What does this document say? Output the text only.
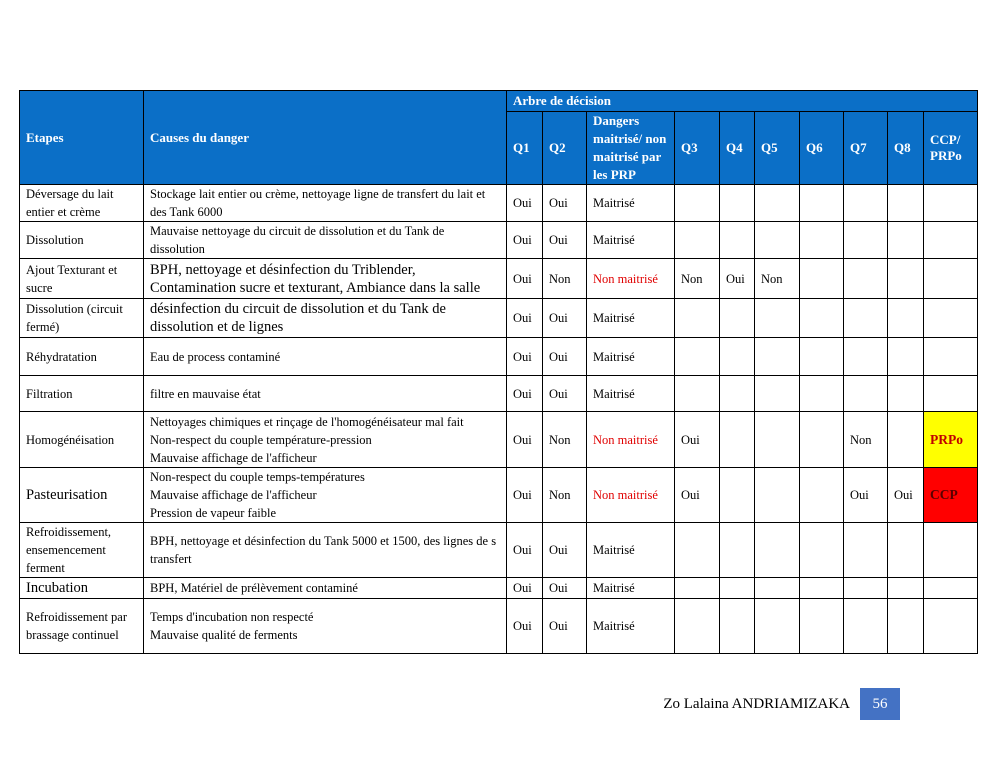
Etapes	Causes du danger	Arbre de décision									
		Q1	Q2	Dangers maitrisé/ non maitrisé par les PRP	Q3	Q4	Q5	Q6	Q7	Q8	CCP/ PRPo
Déversage du lait entier et crème	Stockage lait entier ou crème, nettoyage ligne de transfert du lait et des Tank 6000	Oui	Oui	Maitrisé							
Dissolution	Mauvaise nettoyage du circuit de dissolution et du Tank de dissolution	Oui	Oui	Maitrisé							
Ajout Texturant et sucre	BPH, nettoyage et désinfection du Triblender, Contamination sucre et texturant, Ambiance dans la salle	Oui	Non	Non maitrisé	Non	Oui	Non				
Dissolution (circuit fermé)	désinfection du circuit de dissolution et du Tank de dissolution et de lignes	Oui	Oui	Maitrisé							
Réhydratation	Eau de process contaminé	Oui	Oui	Maitrisé							
Filtration	filtre en mauvaise état	Oui	Oui	Maitrisé							
Homogénéisation	Nettoyages chimiques et rinçage de l'homogénéisateur mal fait
Non-respect du couple température-pression
Mauvaise affichage de l'afficheur	Oui	Non	Non maitrisé	Oui				Non		PRPo
Pasteurisation	Non-respect du couple temps-températures
Mauvaise affichage de l'afficheur
Pression de vapeur faible	Oui	Non	Non maitrisé	Oui				Oui	Oui	CCP
Refroidissement, ensemencement ferment	BPH, nettoyage et désinfection du Tank 5000 et 1500, des lignes de s transfert	Oui	Oui	Maitrisé							
Incubation	BPH, Matériel de prélèvement contaminé	Oui	Oui	Maitrisé							
Refroidissement par brassage continuel	Temps d'incubation non respecté
Mauvaise qualité de ferments	Oui	Oui	Maitrisé							
Zo Lalaina ANDRIAMIZAKA	56
